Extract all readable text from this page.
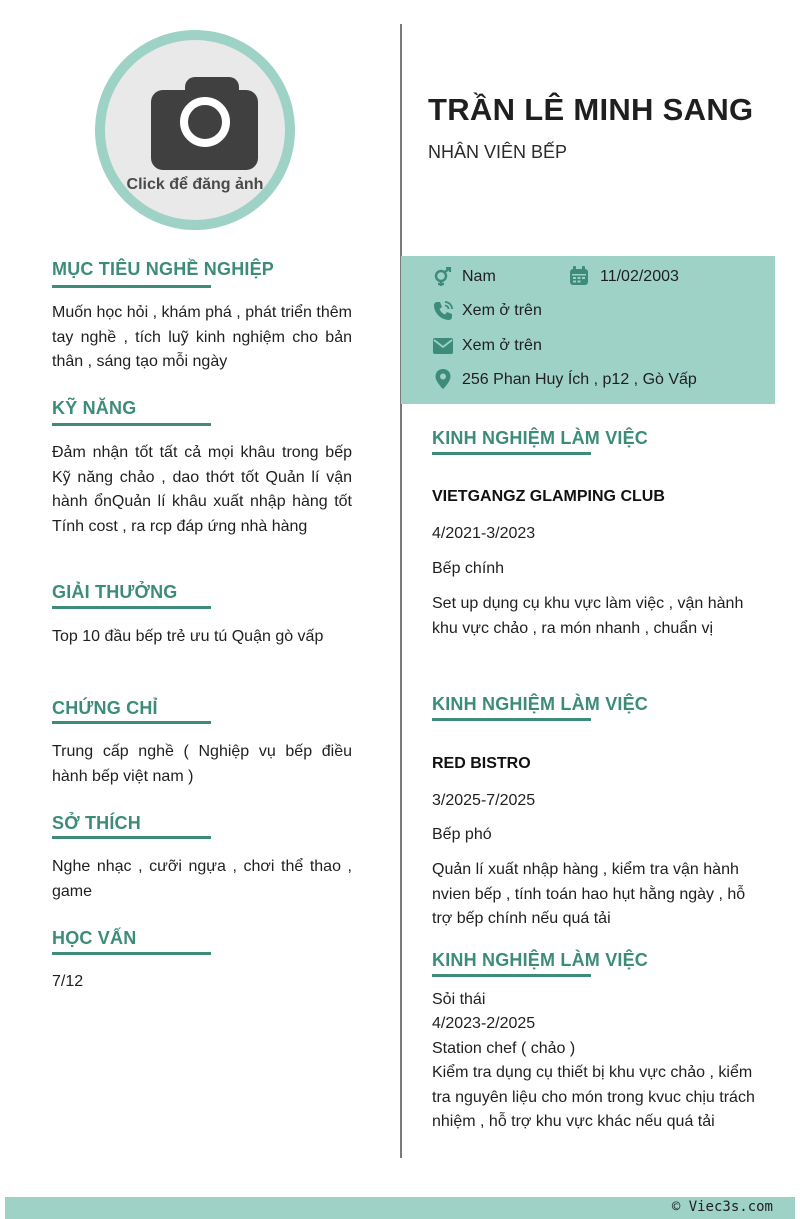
Click để đăng ảnh
MỤC TIÊU NGHỀ NGHIỆP
Muốn học hỏi , khám phá , phát triển thêm tay nghề , tích luỹ kinh nghiệm cho bản thân , sáng tạo mỗi ngày
KỸ NĂNG
Đảm nhận tốt tất cả mọi khâu trong bếp Kỹ năng chảo , dao thớt tốt Quản lí vận hành ổnQuản lí khâu xuất nhập hàng tốt Tính cost , ra rcp đáp ứng nhà hàng
GIẢI THƯỞNG
Top 10 đầu bếp trẻ ưu tú Quận gò vấp
CHỨNG CHỈ
Trung cấp nghề ( Nghiệp vụ bếp điều hành bếp việt nam )
SỞ THÍCH
Nghe nhạc , cưỡi ngựa , chơi thể thao , game
HỌC VẤN
7/12
TRẦN LÊ MINH SANG
NHÂN VIÊN BẾP
Nam	11/02/2003
Xem ở trên
Xem ở trên
256 Phan Huy Ích , p12 , Gò Vấp
KINH NGHIỆM LÀM VIỆC
VIETGANGZ GLAMPING CLUB
4/2021-3/2023
Bếp chính
Set up dụng cụ khu vực làm việc , vận hành khu vực chảo , ra món nhanh , chuẩn vị
KINH NGHIỆM LÀM VIỆC
RED BISTRO
3/2025-7/2025
Bếp phó
Quản lí xuất nhập hàng , kiểm tra vận hành nvien bếp , tính toán hao hụt hằng ngày , hỗ trợ bếp chính nếu quá tải
KINH NGHIỆM LÀM VIỆC
Sỏi thái
4/2023-2/2025
Station chef ( chảo )
Kiểm tra dụng cụ thiết bị khu vực chảo , kiểm tra nguyên liệu cho món trong kvuc chịu trách nhiệm , hỗ trợ khu vực khác nếu quá tải
© Viec3s.com
